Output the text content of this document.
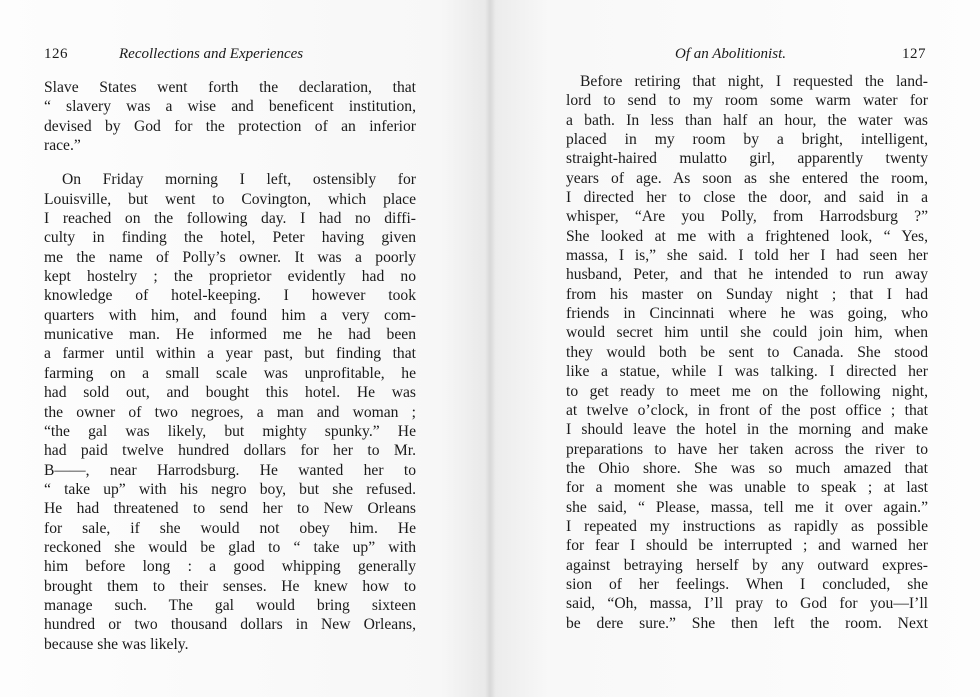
126	Recollections and Experiences
Slave States went forth the declaration, that
“ slavery was a wise and beneficent institution,
devised by God for the protection of an inferior
race.”
On Friday morning I left, ostensibly for
Louisville, but went to Covington, which place
I reached on the following day. I had no diffi-
culty in finding the hotel, Peter having given
me the name of Polly’s owner. It was a poorly
kept hostelry ; the proprietor evidently had no
knowledge of hotel-keeping. I however took
quarters with him, and found him a very com-
municative man. He informed me he had been
a farmer until within a year past, but finding that
farming on a small scale was unprofitable, he
had sold out, and bought this hotel. He was
the owner of two negroes, a man and woman ;
“the gal was likely, but mighty spunky.” He
had paid twelve hundred dollars for her to Mr.
B——, near Harrodsburg. He wanted her to
“ take up” with his negro boy, but she refused.
He had threatened to send her to New Orleans
for sale, if she would not obey him. He
reckoned she would be glad to “ take up” with
him before long : a good whipping generally
brought them to their senses. He knew how to
manage such. The gal would bring sixteen
hundred or two thousand dollars in New Orleans,
because she was likely.
Of an Abolitionist.	127
Before retiring that night, I requested the land-
lord to send to my room some warm water for
a bath. In less than half an hour, the water was
placed in my room by a bright, intelligent,
straight-haired mulatto girl, apparently twenty
years of age. As soon as she entered the room,
I directed her to close the door, and said in a
whisper, “Are you Polly, from Harrodsburg ?”
She looked at me with a frightened look, “ Yes,
massa, I is,” she said. I told her I had seen her
husband, Peter, and that he intended to run away
from his master on Sunday night ; that I had
friends in Cincinnati where he was going, who
would secret him until she could join him, when
they would both be sent to Canada. She stood
like a statue, while I was talking. I directed her
to get ready to meet me on the following night,
at twelve o’clock, in front of the post office ; that
I should leave the hotel in the morning and make
preparations to have her taken across the river to
the Ohio shore. She was so much amazed that
for a moment she was unable to speak ; at last
she said, “ Please, massa, tell me it over again.”
I repeated my instructions as rapidly as possible
for fear I should be interrupted ; and warned her
against betraying herself by any outward expres-
sion of her feelings. When I concluded, she
said, “Oh, massa, I’ll pray to God for you—I’ll
be dere sure.” She then left the room. Next
